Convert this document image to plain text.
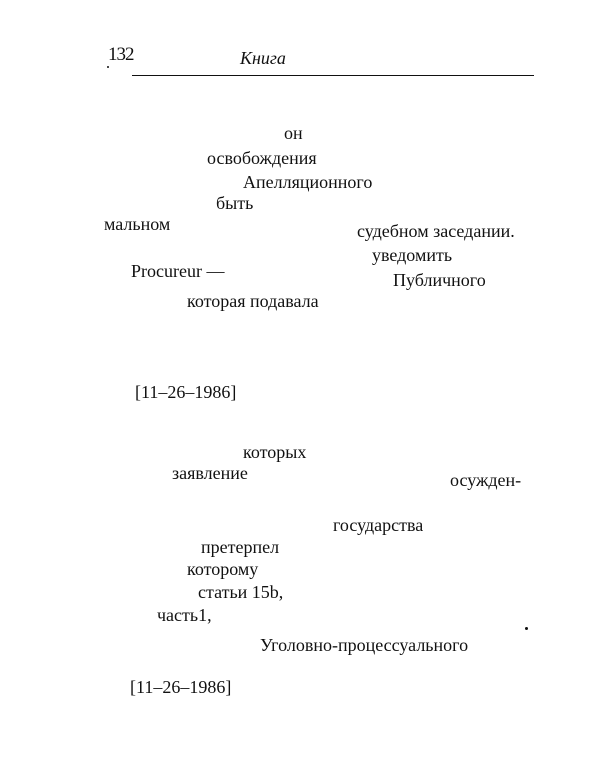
132	Книга
он
освобождения
Апелляционного
быть
мальном	судебном заседании.
уведомить
Procureur —	Публичного
которая подавала
[11–26–1986]
которых
заявление	осужден-
государства
претерпел
которому
статьи 15b,
часть1,
Уголовно-процессуального
[11–26–1986]
